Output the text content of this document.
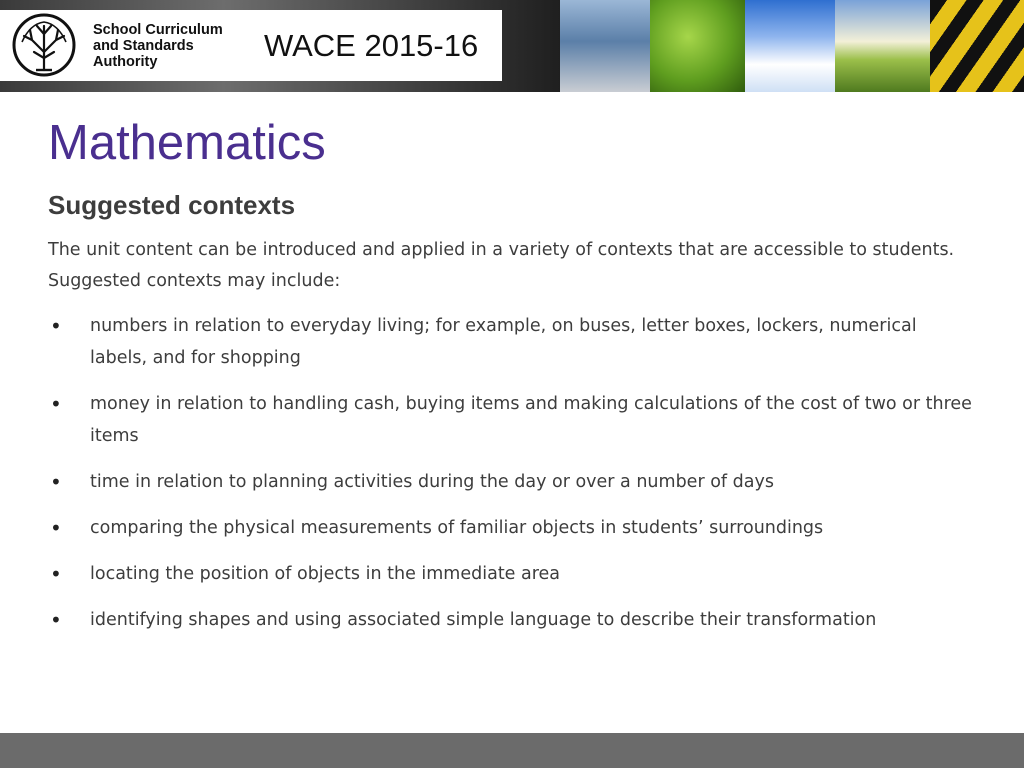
School Curriculum
and Standards
Authority	WACE 2015-16
Mathematics
Suggested contexts
The unit content can be introduced and applied in a variety of contexts that are accessible to students.
Suggested contexts may include:
• numbers in relation to everyday living; for example, on buses, letter boxes, lockers, numerical labels, and for shopping
• money in relation to handling cash, buying items and making calculations of the cost of two or three items
• time in relation to planning activities during the day or over a number of days
• comparing the physical measurements of familiar objects in students’ surroundings
• locating the position of objects in the immediate area
• identifying shapes and using associated simple language to describe their transformation
